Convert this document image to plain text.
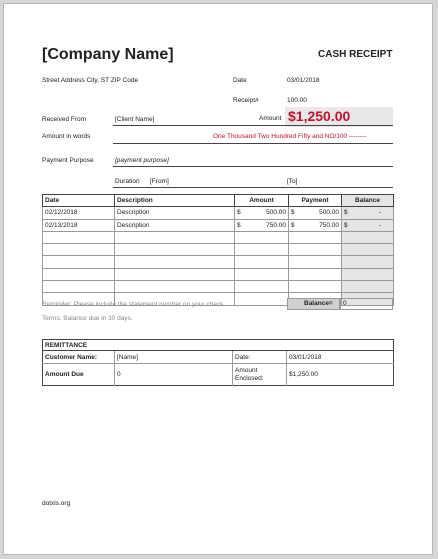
[Company Name]	CASH RECEIPT
Street Address City, ST ZIP Code	Date	03/01/2018
Receipt#	100.00
Amount $1,250.00
Received From	[Client Name]
Amount in words	One Thousand Two Hundred Fifty and NO/100 --------
Payment Purpose	[payment purpose]
Duration [From]	[To]
Date	Description	Amount	Payment	Balance
02/12/2018	Description	$ 500.00	$ 500.00	$ -

02/13/2018	Description	$ 750.00	$ 750.00	$ -

Balance= 0
Reminder: Please include the statement number on your check.
Terms: Balance due in 30 days.
REMITTANCE			
Customer Name:	[Name]	Date:	03/01/2018
Amount Due	0	Amount Enclosed:	$1,250.00
dotxls.org
